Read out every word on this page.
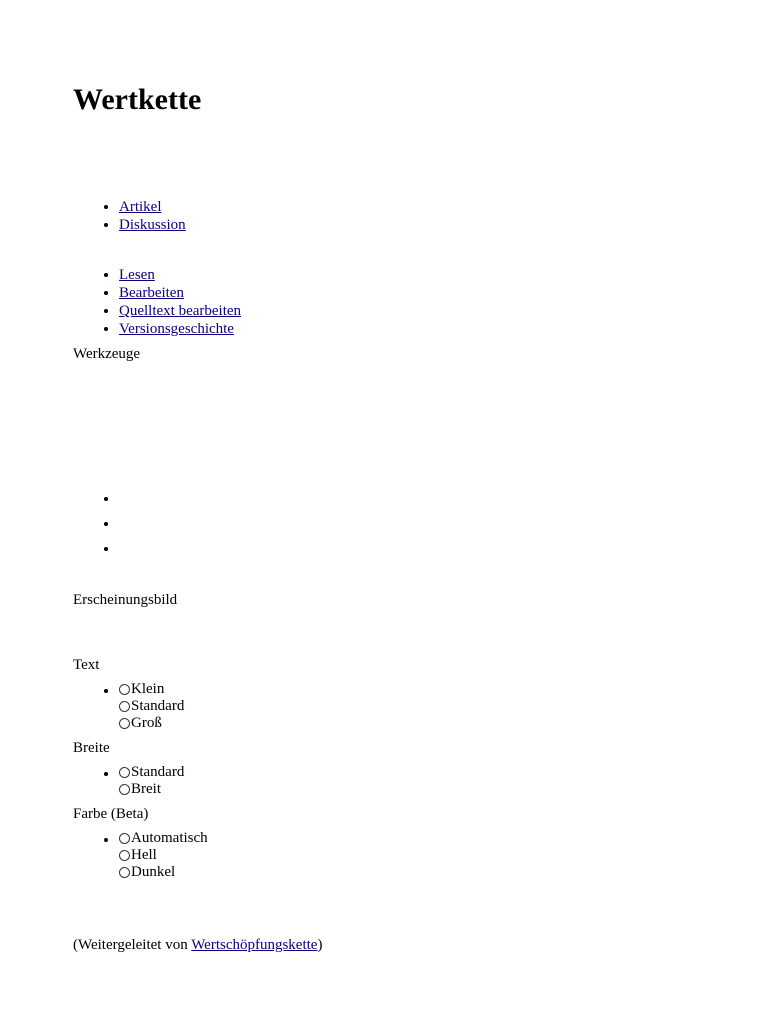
Wertkette
• Artikel
• Diskussion
• Lesen
• Bearbeiten
• Quelltext bearbeiten
• Versionsgeschichte
Werkzeuge
Erscheinungsbild
Text
• Klein
Standard
Groß
Breite
• Standard
Breit
Farbe (Beta)
• Automatisch
Hell
Dunkel
(Weitergeleitet von Wertschöpfungskette)
